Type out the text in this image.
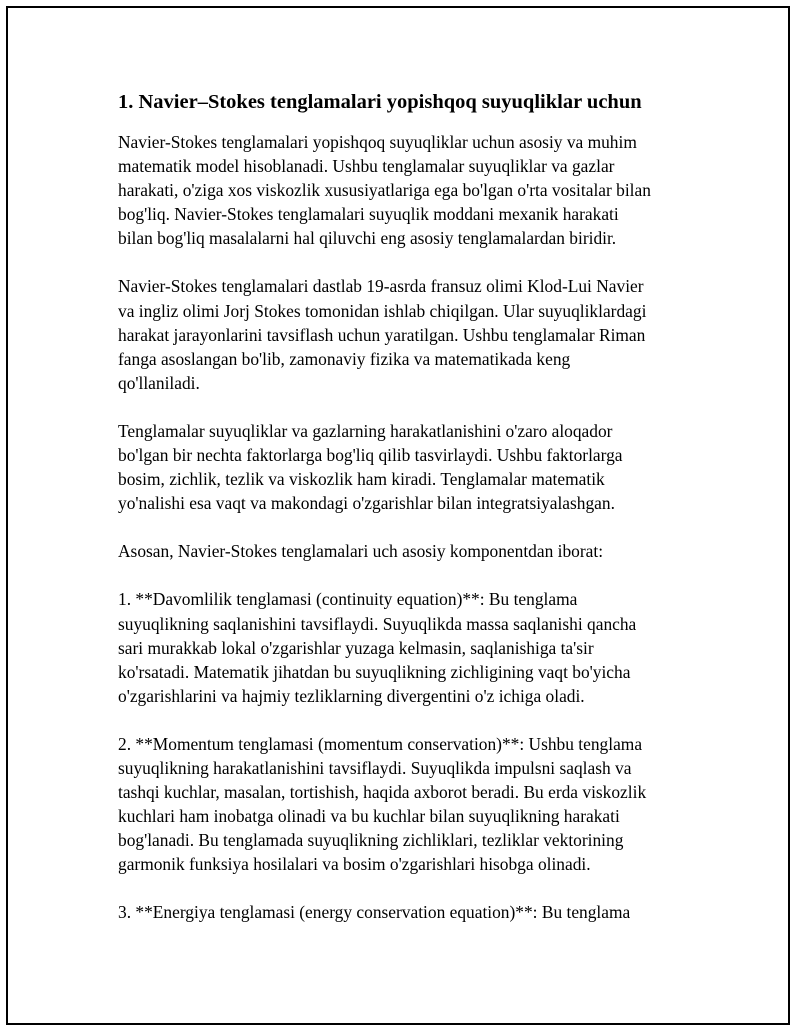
1. Navier–Stokes tenglamalari yopishqoq suyuqliklar uchun

Navier-Stokes tenglamalari yopishqoq suyuqliklar uchun asosiy va muhim
matematik model hisoblanadi. Ushbu tenglamalar suyuqliklar va gazlar
harakati, o'ziga xos viskozlik xususiyatlariga ega bo'lgan o'rta vositalar bilan
bog'liq. Navier-Stokes tenglamalari suyuqlik moddani mexanik harakati
bilan bog'liq masalalarni hal qiluvchi eng asosiy tenglamalardan biridir.

Navier-Stokes tenglamalari dastlab 19-asrda fransuz olimi Klod-Lui Navier
va ingliz olimi Jorj Stokes tomonidan ishlab chiqilgan. Ular suyuqliklardagi
harakat jarayonlarini tavsiflash uchun yaratilgan. Ushbu tenglamalar Riman
fanga asoslangan bo'lib, zamonaviy fizika va matematikada keng
qo'llaniladi.

Tenglamalar suyuqliklar va gazlarning harakatlanishini o'zaro aloqador
bo'lgan bir nechta faktorlarga bog'liq qilib tasvirlaydi. Ushbu faktorlarga
bosim, zichlik, tezlik va viskozlik ham kiradi. Tenglamalar matematik
yo'nalishi esa vaqt va makondagi o'zgarishlar bilan integratsiyalashgan.

Asosan, Navier-Stokes tenglamalari uch asosiy komponentdan iborat:

1. **Davomlilik tenglamasi (continuity equation)**: Bu tenglama
suyuqlikning saqlanishini tavsiflaydi. Suyuqlikda massa saqlanishi qancha
sari murakkab lokal o'zgarishlar yuzaga kelmasin, saqlanishiga ta'sir
ko'rsatadi. Matematik jihatdan bu suyuqlikning zichligining vaqt bo'yicha
o'zgarishlarini va hajmiy tezliklarning divergentini o'z ichiga oladi.

2. **Momentum tenglamasi (momentum conservation)**: Ushbu tenglama
suyuqlikning harakatlanishini tavsiflaydi. Suyuqlikda impulsni saqlash va
tashqi kuchlar, masalan, tortishish, haqida axborot beradi. Bu erda viskozlik
kuchlari ham inobatga olinadi va bu kuchlar bilan suyuqlikning harakati
bog'lanadi. Bu tenglamada suyuqlikning zichliklari, tezliklar vektorining
garmonik funksiya hosilalari va bosim o'zgarishlari hisobga olinadi.

3. **Energiya tenglamasi (energy conservation equation)**: Bu tenglama
